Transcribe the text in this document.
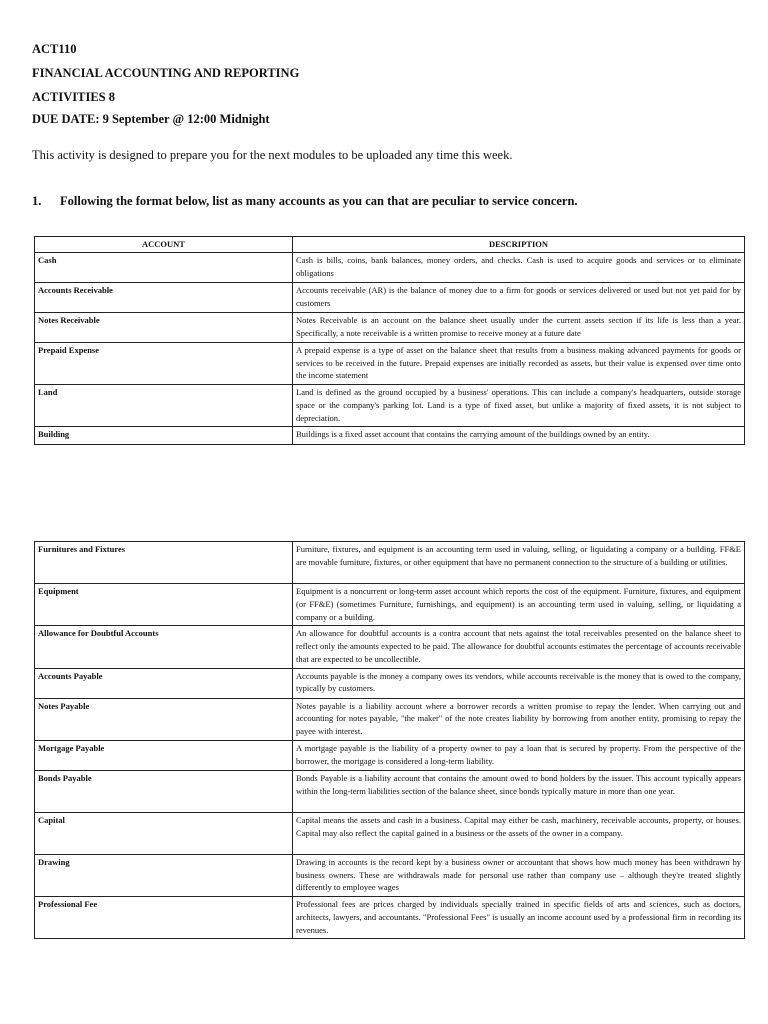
ACT110
FINANCIAL ACCOUNTING AND REPORTING
ACTIVITIES 8
DUE DATE: 9 September @ 12:00 Midnight
This activity is designed to prepare you for the next modules to be uploaded any time this week.
1. Following the format below, list as many accounts as you can that are peculiar to service concern.
ACCOUNT	DESCRIPTION
Cash	Cash is bills, coins, bank balances, money orders, and checks. Cash is used to acquire goods and services or to eliminate obligations
Accounts Receivable	Accounts receivable (AR) is the balance of money due to a firm for goods or services delivered or used but not yet paid for by customers
Notes Receivable	Notes Receivable is an account on the balance sheet usually under the current assets section if its life is less than a year. Specifically, a note receivable is a written promise to receive money at a future date
Prepaid Expense	A prepaid expense is a type of asset on the balance sheet that results from a business making advanced payments for goods or services to be received in the future. Prepaid expenses are initially recorded as assets, but their value is expensed over time onto the income statement
Land	Land is defined as the ground occupied by a business' operations. This can include a company's headquarters, outside storage space or the company's parking lot. Land is a type of fixed asset, but unlike a majority of fixed assets, it is not subject to depreciation.
Building	Buildings is a fixed asset account that contains the carrying amount of the buildings owned by an entity.
Furnitures and Fixtures	Furniture, fixtures, and equipment is an accounting term used in valuing, selling, or liquidating a company or a building. FF&E are movable furniture, fixtures, or other equipment that have no permanent connection to the structure of a building or utilities.
Equipment	Equipment is a noncurrent or long-term asset account which reports the cost of the equipment. Furniture, fixtures, and equipment (or FF&E) (sometimes Furniture, furnishings, and equipment) is an accounting term used in valuing, selling, or liquidating a company or a building.
Allowance for Doubtful Accounts	An allowance for doubtful accounts is a contra account that nets against the total receivables presented on the balance sheet to reflect only the amounts expected to be paid. The allowance for doubtful accounts estimates the percentage of accounts receivable that are expected to be uncollectible.
Accounts Payable	Accounts payable is the money a company owes its vendors, while accounts receivable is the money that is owed to the company, typically by customers.
Notes Payable	Notes payable is a liability account where a borrower records a written promise to repay the lender. When carrying out and accounting for notes payable, "the maker" of the note creates liability by borrowing from another entity, promising to repay the payee with interest.
Mortgage Payable	A mortgage payable is the liability of a property owner to pay a loan that is secured by property. From the perspective of the borrower, the mortgage is considered a long-term liability.
Bonds Payable	Bonds Payable is a liability account that contains the amount owed to bond holders by the issuer. This account typically appears within the long-term liabilities section of the balance sheet, since bonds typically mature in more than one year.
Capital	Capital means the assets and cash in a business. Capital may either be cash, machinery, receivable accounts, property, or houses. Capital may also reflect the capital gained in a business or the assets of the owner in a company.
Drawing	Drawing in accounts is the record kept by a business owner or accountant that shows how much money has been withdrawn by business owners. These are withdrawals made for personal use rather than company use – although they're treated slightly differently to employee wages
Professional Fee	Professional fees are prices charged by individuals specially trained in specific fields of arts and sciences, such as doctors, architects, lawyers, and accountants. "Professional Fees" is usually an income account used by a professional firm in recording its revenues.
